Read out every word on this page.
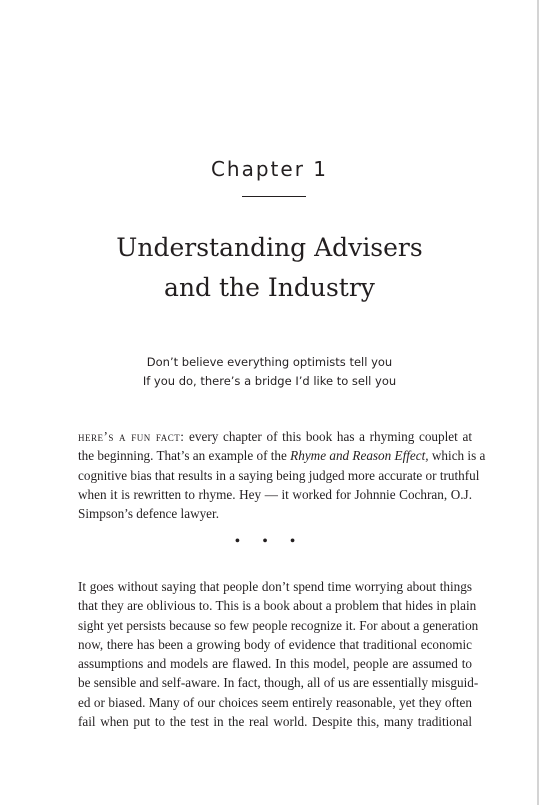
Chapter 1
Understanding Advisers
and the Industry
Don’t believe everything optimists tell you
If you do, there’s a bridge I’d like to sell you
here’s a fun fact: every chapter of this book has a rhyming couplet at
the beginning. That’s an example of the Rhyme and Reason Effect, which is a
cognitive bias that results in a saying being judged more accurate or truthful
when it is rewritten to rhyme. Hey — it worked for Johnnie Cochran, O.J.
Simpson’s defence lawyer.
• • •
It goes without saying that people don’t spend time worrying about things
that they are oblivious to. This is a book about a problem that hides in plain
sight yet persists because so few people recognize it. For about a generation
now, there has been a growing body of evidence that traditional economic
assumptions and models are flawed. In this model, people are assumed to
be sensible and self-aware. In fact, though, all of us are essentially misguid-
ed or biased. Many of our choices seem entirely reasonable, yet they often
fail when put to the test in the real world. Despite this, many traditional
